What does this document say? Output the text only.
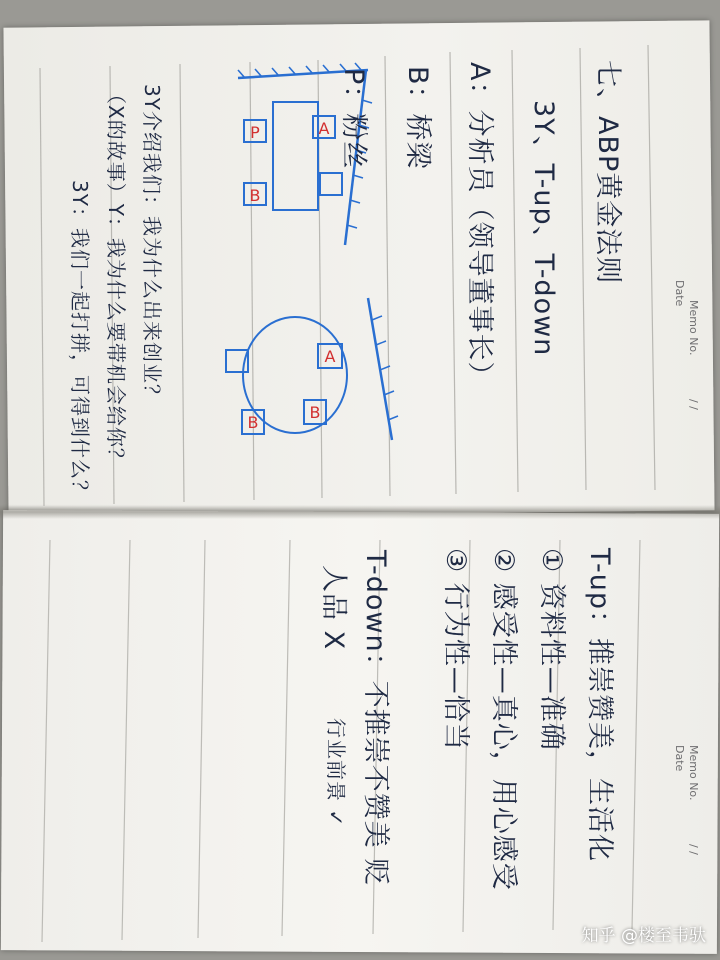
P
B
A
B
A
B
Memo No. / /
Date
七、ABP黄金法则
3Y、T-up、T-down
A：分析员（领导董事长）
B：桥梁
P：粉丝
3Y介绍我们：我为什么出来创业？
（X的故事）Y：我为什么要带机会给你？
3Y：我们一起打拼，可得到什么？
Memo No. / /
Date
T-up：推崇赞美，生活化
① 资料性—准确
② 感受性—真心，用心感受
③ 行为性—恰当
T-down：不推崇不赞美 贬
行业前景 ✓
人品 X
知乎 @楼至韦驮
